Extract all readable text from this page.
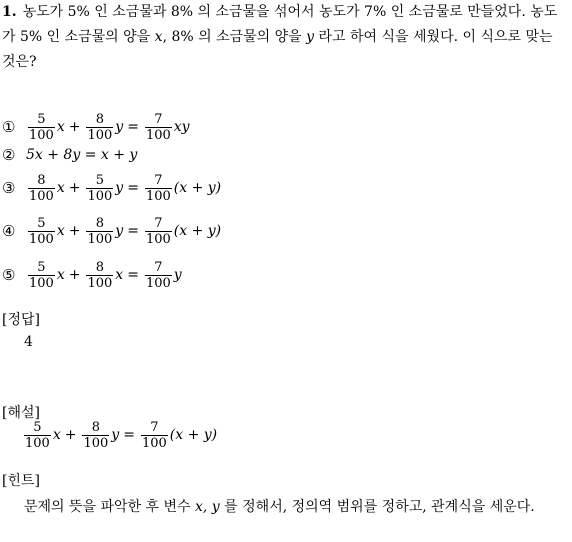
1. 농도가 5% 인 소금물과 8% 의 소금물을 섞어서 농도가 7% 인 소금물로 만들었다. 농도가 5% 인 소금물의 양을 x, 8% 의 소금물의 양을 y 라고 하여 식을 세웠다. 이 식으로 맞는 것은?
① $\frac{5}{100}$ $x + \frac{8}{100}$ $y = \frac{7}{100}$ xy
② 5x + 8y = x + y
③ $\frac{8}{100}$ $x + \frac{5}{100}$ $y = \frac{7}{100} (x + y)$
④ $\frac{5}{100}$ $x + \frac{8}{100}$ $y = \frac{7}{100} (x + y)$
⑤ $\frac{5}{100}$ $x + \frac{8}{100}$ $x = \frac{7}{100}$ y
[정답]
4
[해설]
$\frac{5}{100}$ $x + \frac{8}{100}$ $y = \frac{7}{100} (x + y)$
[힌트]
문제의 뜻을 파악한 후 변수 x, y 를 정해서, 정의역 범위를 정하고, 관계식을 세운다.
